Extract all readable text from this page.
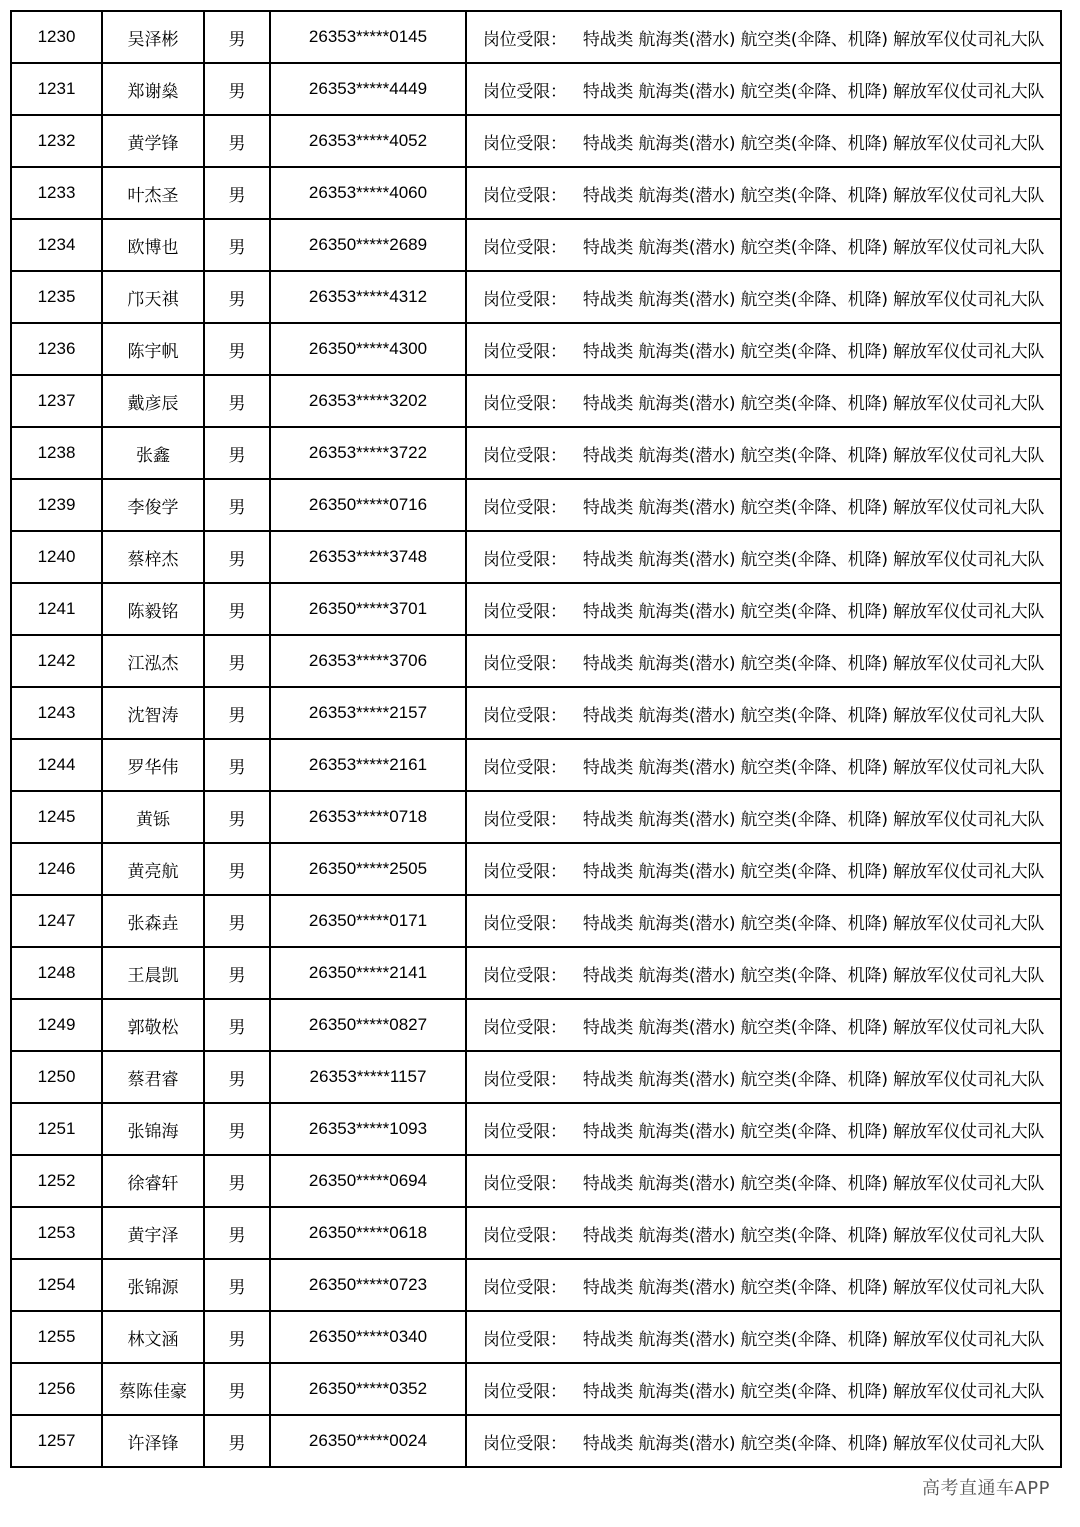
1230	吴泽彬	男	26353*****0145	岗位受限： 特战类 航海类(潜水) 航空类(伞降、机降) 解放军仪仗司礼大队
1231	郑谢燊	男	26353*****4449	岗位受限： 特战类 航海类(潜水) 航空类(伞降、机降) 解放军仪仗司礼大队
1232	黄学锋	男	26353*****4052	岗位受限： 特战类 航海类(潜水) 航空类(伞降、机降) 解放军仪仗司礼大队
1233	叶杰圣	男	26353*****4060	岗位受限： 特战类 航海类(潜水) 航空类(伞降、机降) 解放军仪仗司礼大队
1234	欧博也	男	26350*****2689	岗位受限： 特战类 航海类(潜水) 航空类(伞降、机降) 解放军仪仗司礼大队
1235	邝天祺	男	26353*****4312	岗位受限： 特战类 航海类(潜水) 航空类(伞降、机降) 解放军仪仗司礼大队
1236	陈宇帆	男	26350*****4300	岗位受限： 特战类 航海类(潜水) 航空类(伞降、机降) 解放军仪仗司礼大队
1237	戴彦辰	男	26353*****3202	岗位受限： 特战类 航海类(潜水) 航空类(伞降、机降) 解放军仪仗司礼大队
1238	张鑫	男	26353*****3722	岗位受限： 特战类 航海类(潜水) 航空类(伞降、机降) 解放军仪仗司礼大队
1239	李俊学	男	26350*****0716	岗位受限： 特战类 航海类(潜水) 航空类(伞降、机降) 解放军仪仗司礼大队
1240	蔡梓杰	男	26353*****3748	岗位受限： 特战类 航海类(潜水) 航空类(伞降、机降) 解放军仪仗司礼大队
1241	陈毅铭	男	26350*****3701	岗位受限： 特战类 航海类(潜水) 航空类(伞降、机降) 解放军仪仗司礼大队
1242	江泓杰	男	26353*****3706	岗位受限： 特战类 航海类(潜水) 航空类(伞降、机降) 解放军仪仗司礼大队
1243	沈智涛	男	26353*****2157	岗位受限： 特战类 航海类(潜水) 航空类(伞降、机降) 解放军仪仗司礼大队
1244	罗华伟	男	26353*****2161	岗位受限： 特战类 航海类(潜水) 航空类(伞降、机降) 解放军仪仗司礼大队
1245	黄铄	男	26353*****0718	岗位受限： 特战类 航海类(潜水) 航空类(伞降、机降) 解放军仪仗司礼大队
1246	黄亮航	男	26350*****2505	岗位受限： 特战类 航海类(潜水) 航空类(伞降、机降) 解放军仪仗司礼大队
1247	张森垚	男	26350*****0171	岗位受限： 特战类 航海类(潜水) 航空类(伞降、机降) 解放军仪仗司礼大队
1248	王晨凯	男	26350*****2141	岗位受限： 特战类 航海类(潜水) 航空类(伞降、机降) 解放军仪仗司礼大队
1249	郭敬松	男	26350*****0827	岗位受限： 特战类 航海类(潜水) 航空类(伞降、机降) 解放军仪仗司礼大队
1250	蔡君睿	男	26353*****1157	岗位受限： 特战类 航海类(潜水) 航空类(伞降、机降) 解放军仪仗司礼大队
1251	张锦海	男	26353*****1093	岗位受限： 特战类 航海类(潜水) 航空类(伞降、机降) 解放军仪仗司礼大队
1252	徐睿轩	男	26350*****0694	岗位受限： 特战类 航海类(潜水) 航空类(伞降、机降) 解放军仪仗司礼大队
1253	黄宇泽	男	26350*****0618	岗位受限： 特战类 航海类(潜水) 航空类(伞降、机降) 解放军仪仗司礼大队
1254	张锦源	男	26350*****0723	岗位受限： 特战类 航海类(潜水) 航空类(伞降、机降) 解放军仪仗司礼大队
1255	林文涵	男	26350*****0340	岗位受限： 特战类 航海类(潜水) 航空类(伞降、机降) 解放军仪仗司礼大队
1256	蔡陈佳豪	男	26350*****0352	岗位受限： 特战类 航海类(潜水) 航空类(伞降、机降) 解放军仪仗司礼大队
1257	许泽锋	男	26350*****0024	岗位受限： 特战类 航海类(潜水) 航空类(伞降、机降) 解放军仪仗司礼大队
高考直通车APP
